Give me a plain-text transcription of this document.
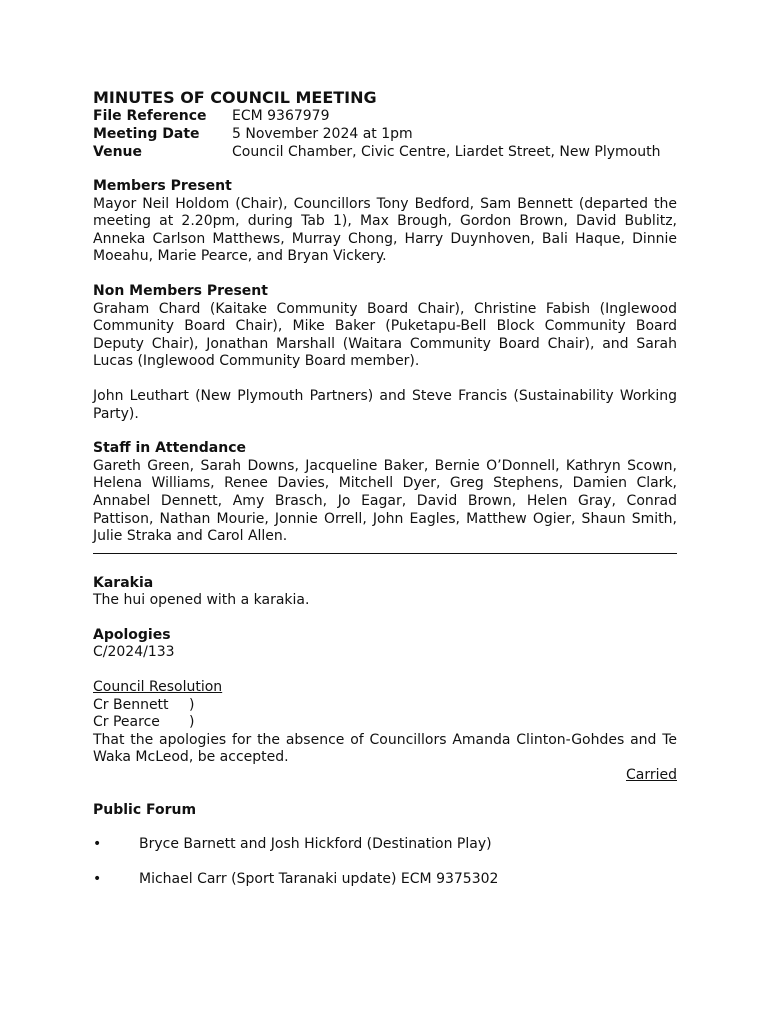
MINUTES OF COUNCIL MEETING
File Reference	ECM 9367979
Meeting Date	5 November 2024 at 1pm
Venue	Council Chamber, Civic Centre, Liardet Street, New Plymouth
Members Present

Mayor Neil Holdom (Chair), Councillors Tony Bedford, Sam Bennett (departed the meeting at 2.20pm, during Tab 1), Max Brough, Gordon Brown, David Bublitz, Anneka Carlson Matthews, Murray Chong, Harry Duynhoven, Bali Haque, Dinnie Moeahu, Marie Pearce, and Bryan Vickery.

Non Members Present

Graham Chard (Kaitake Community Board Chair), Christine Fabish (Inglewood Community Board Chair), Mike Baker (Puketapu-Bell Block Community Board Deputy Chair), Jonathan Marshall (Waitara Community Board Chair), and Sarah Lucas (Inglewood Community Board member).

John Leuthart (New Plymouth Partners) and Steve Francis (Sustainability Working Party).

Staff in Attendance

Gareth Green, Sarah Downs, Jacqueline Baker, Bernie O’Donnell, Kathryn Scown, Helena Williams, Renee Davies, Mitchell Dyer, Greg Stephens, Damien Clark, Annabel Dennett, Amy Brasch, Jo Eagar, David Brown, Helen Gray, Conrad Pattison, Nathan Mourie, Jonnie Orrell, John Eagles, Matthew Ogier, Shaun Smith, Julie Straka and Carol Allen.

Karakia

The hui opened with a karakia.

Apologies
C/2024/133
Council Resolution
Cr Bennett	)
Cr Pearce	)

That the apologies for the absence of Councillors Amanda Clinton-Gohdes and Te Waka McLeod, be accepted.

Carried
Public Forum
•	Bryce Barnett and Josh Hickford (Destination Play)
•	Michael Carr (Sport Taranaki update) ECM 9375302
